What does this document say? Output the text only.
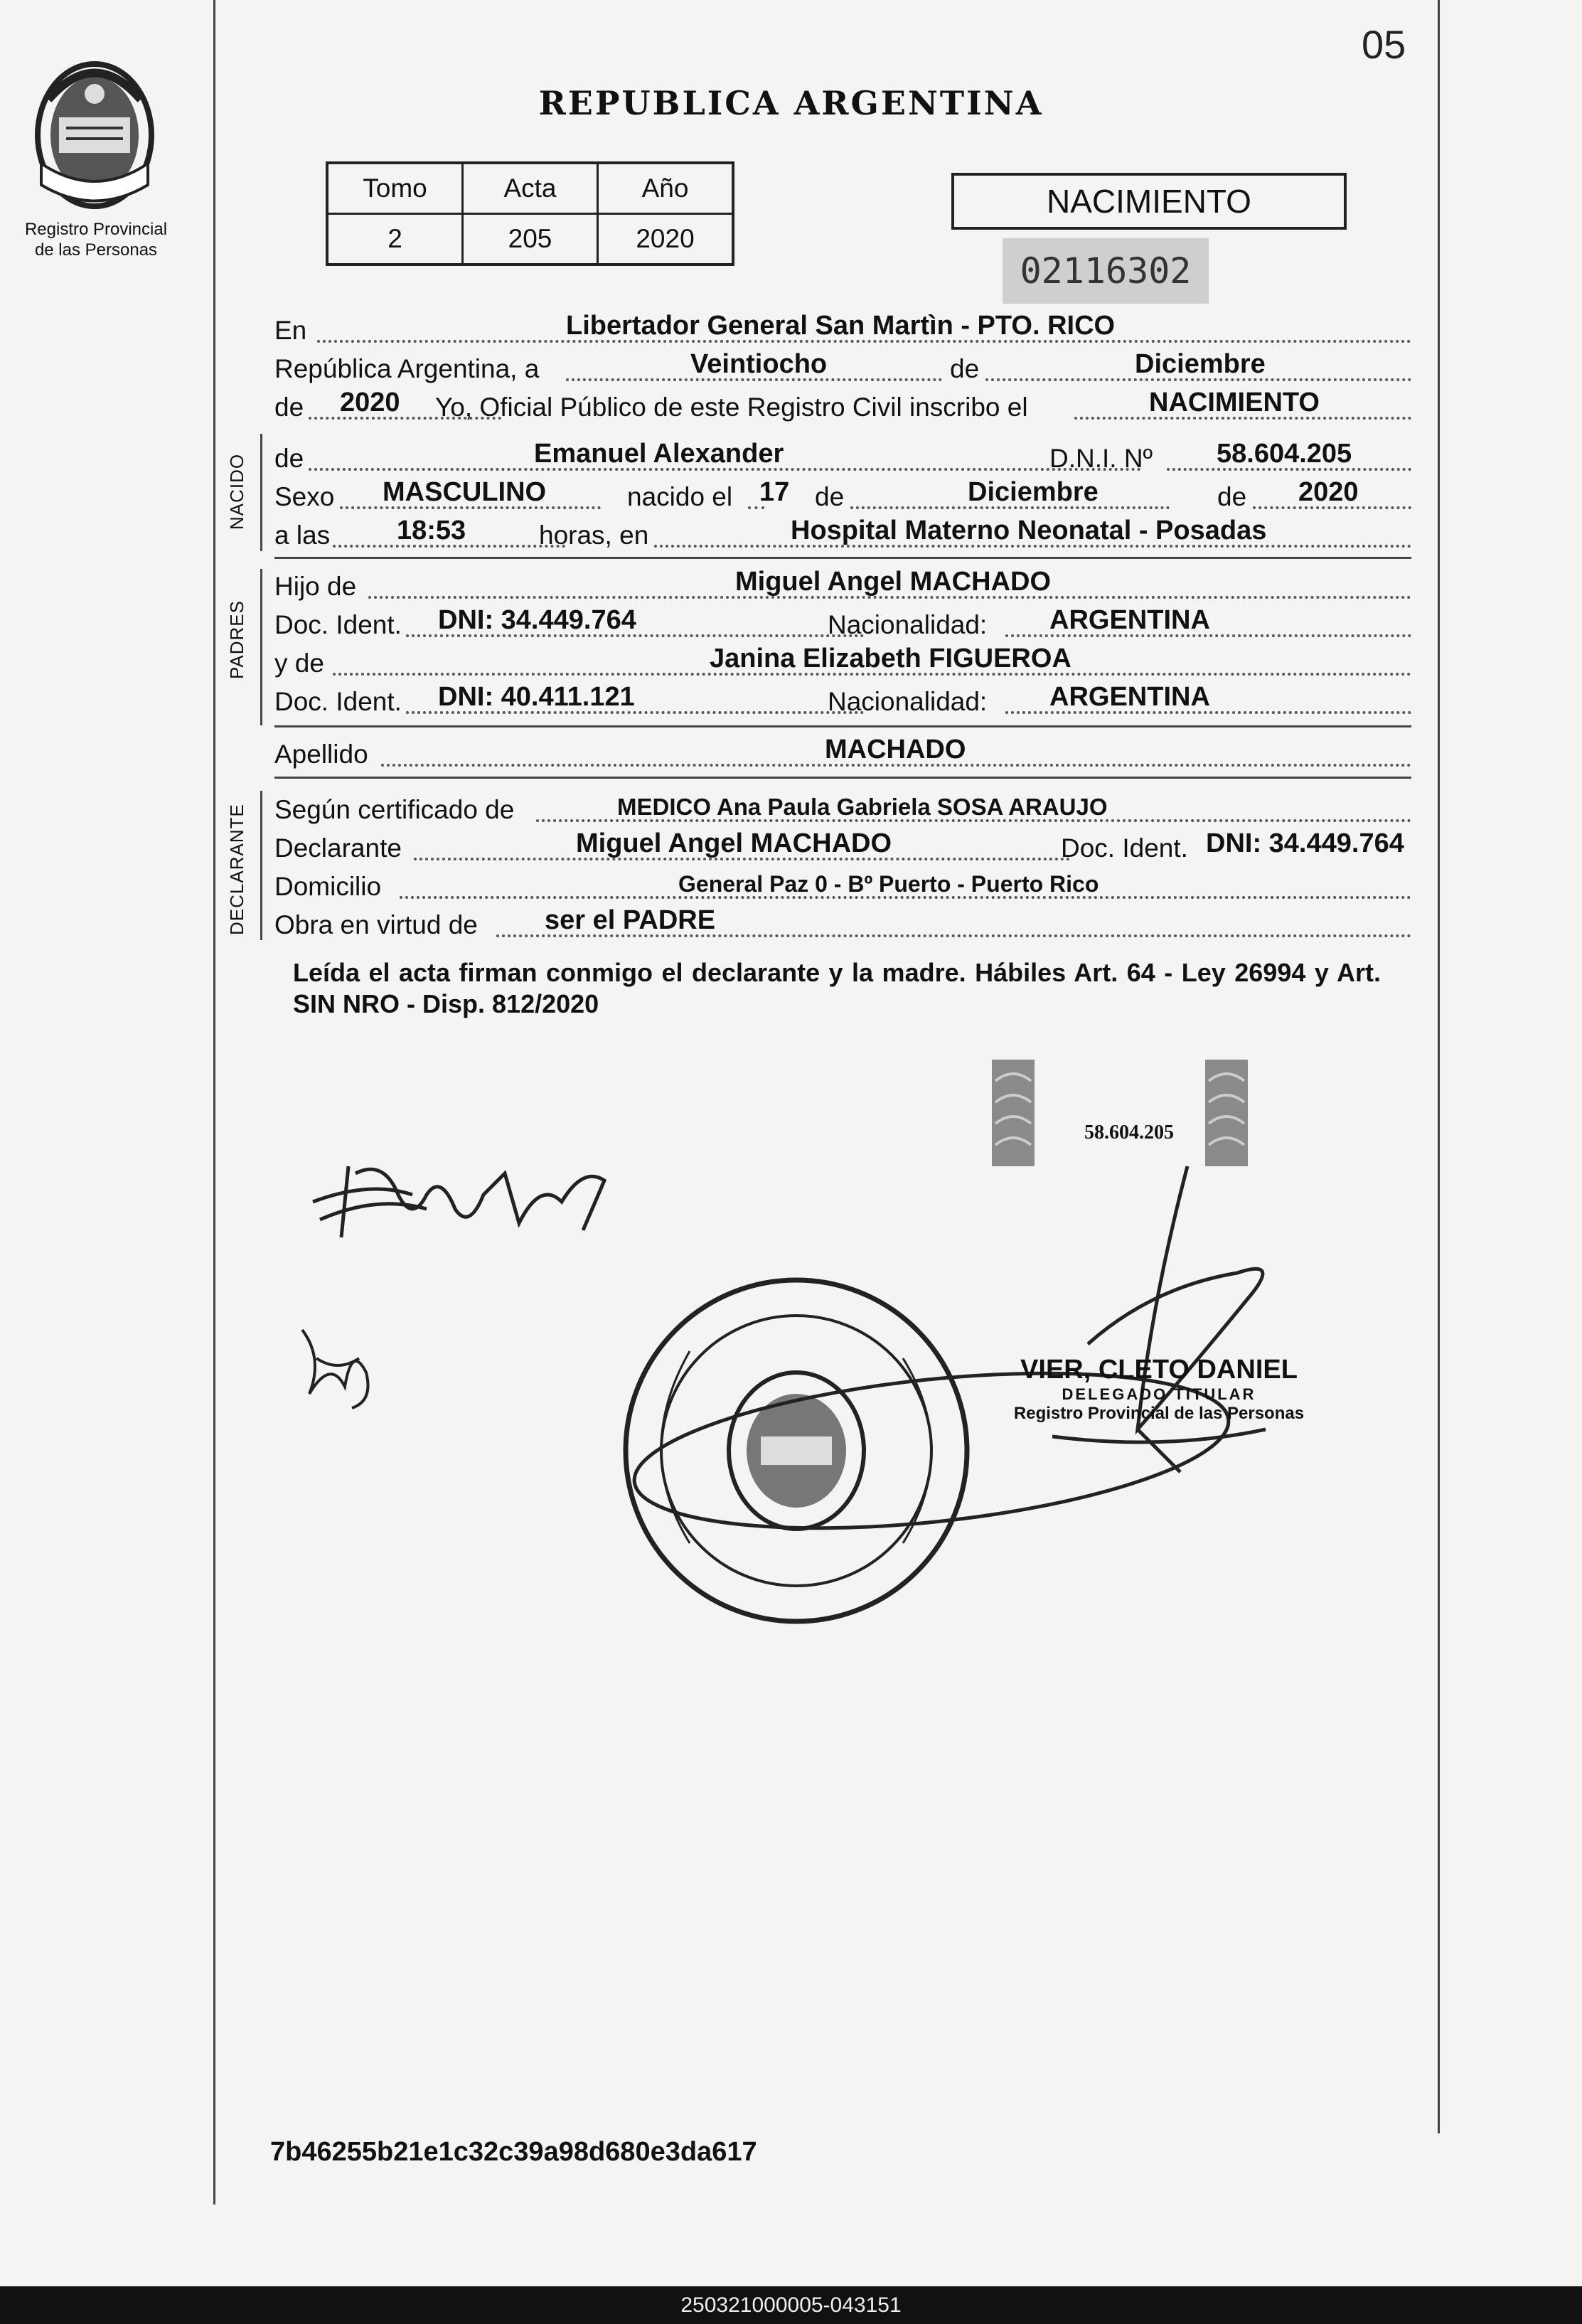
05
Registro Provincial
de las Personas
REPUBLICA ARGENTINA
Tomo	Acta	Año
2	205	2020
NACIMIENTO
02116302
En	Libertador General San Martìn - PTO. RICO
República Argentina, a	Veintiocho	de	Diciembre
de 2020 Yo, Oficial Público de este Registro Civil inscribo el	NACIMIENTO
NACIDO de	Emanuel Alexander	D.N.I. Nº 58.604.205
Sexo MASCULINO	nacido el 17 de	Diciembre	de 2020
a las 18:53	horas, en	Hospital Materno Neonatal - Posadas
PADRES
Hijo de	Miguel Angel MACHADO
Doc. Ident. DNI: 34.449.764	Nacionalidad: ARGENTINA
y de	Janina Elizabeth FIGUEROA
Doc. Ident. DNI: 40.411.121	Nacionalidad: ARGENTINA
Apellido	MACHADO
DECLARANTE Según certificado de	MEDICO Ana Paula Gabriela SOSA ARAUJO
Declarante	Miguel Angel MACHADO	Doc. Ident. DNI: 34.449.764
Domicilio	General Paz 0 - Bº Puerto - Puerto Rico
Obra en virtud de ser el PADRE
Leída el acta firman conmigo el declarante y la madre. Hábiles Art. 64 - Ley 26994 y Art. SIN NRO - Disp. 812/2020
58.604.205
VIER, CLETO DANIEL
DELEGADO TITULAR
Registro Provincial de las Personas
7b46255b21e1c32c39a98d680e3da617
250321000005-043151
